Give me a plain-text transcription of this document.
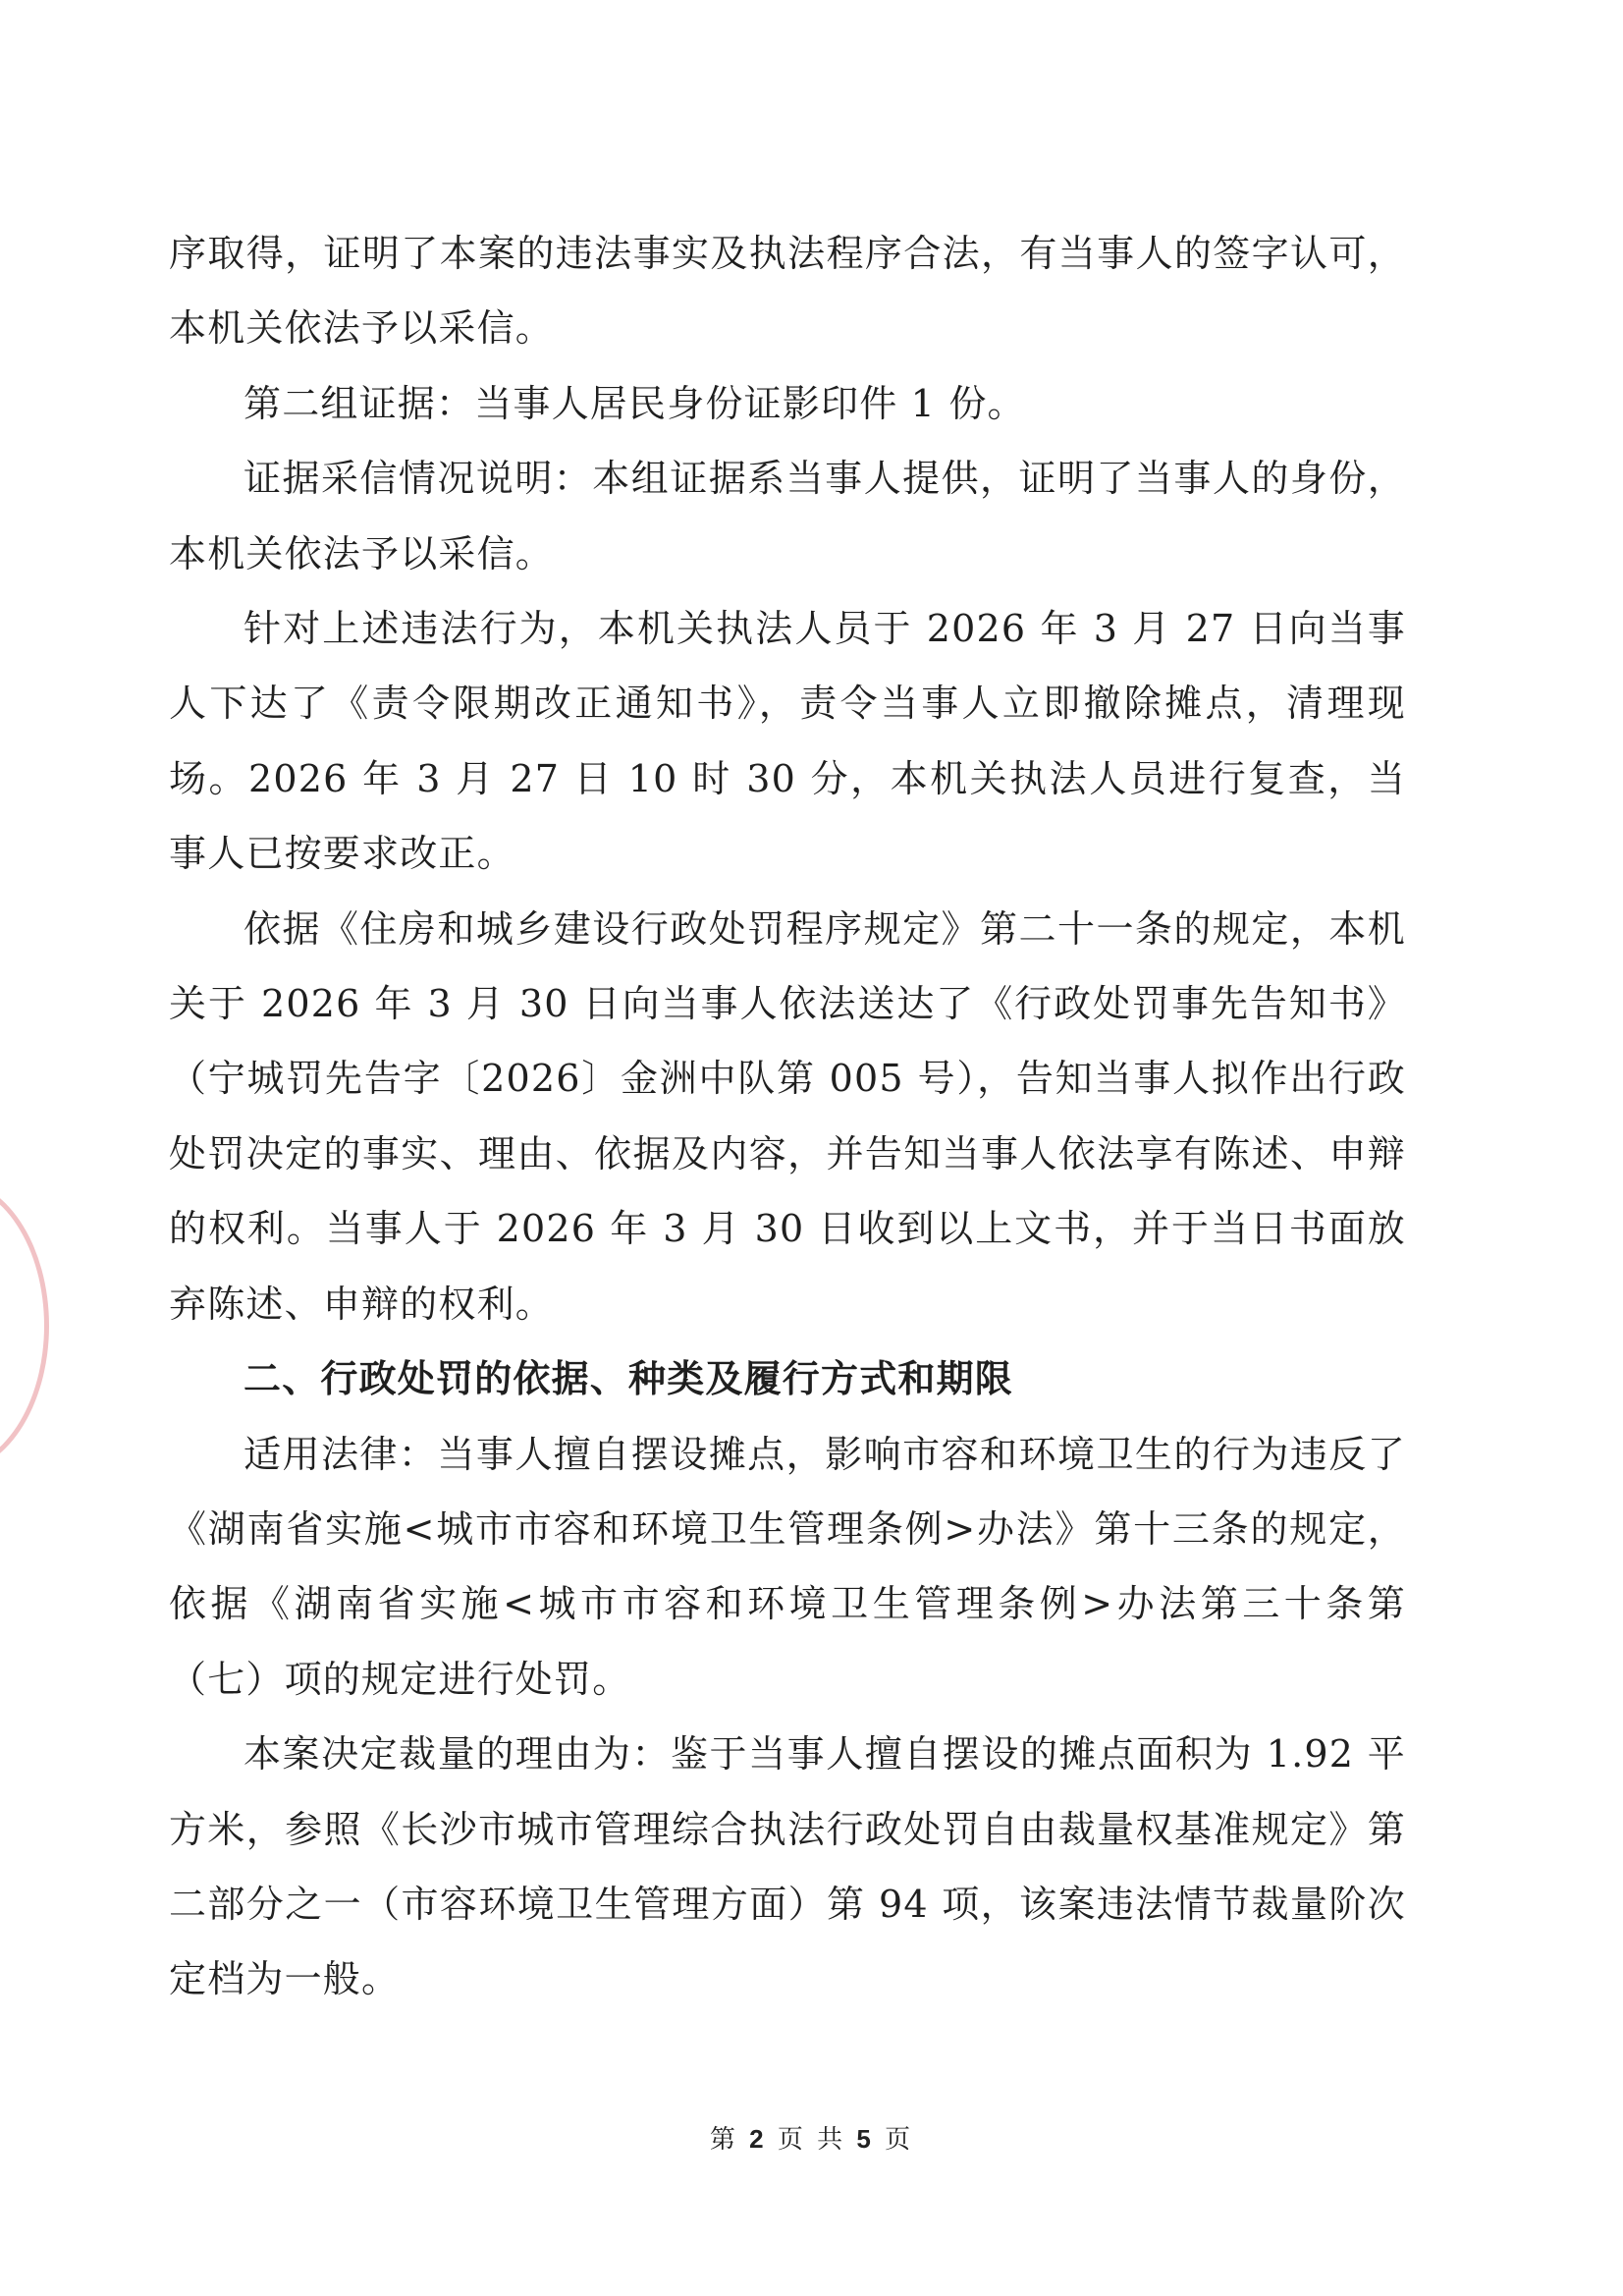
序取得，证明了本案的违法事实及执法程序合法，有当事人的签字认可，本机关依法予以采信。

第二组证据：当事人居民身份证影印件 1 份。

证据采信情况说明：本组证据系当事人提供，证明了当事人的身份，本机关依法予以采信。

针对上述违法行为，本机关执法人员于 2026 年 3 月 27 日向当事人下达了《责令限期改正通知书》，责令当事人立即撤除摊点，清理现场。2026 年 3 月 27 日 10 时 30 分，本机关执法人员进行复查，当事人已按要求改正。

依据《住房和城乡建设行政处罚程序规定》第二十一条的规定，本机关于 2026 年 3 月 30 日向当事人依法送达了《行政处罚事先告知书》（宁城罚先告字〔2026〕金洲中队第 005 号），告知当事人拟作出行政处罚决定的事实、理由、依据及内容，并告知当事人依法享有陈述、申辩的权利。当事人于 2026 年 3 月 30 日收到以上文书，并于当日书面放弃陈述、申辩的权利。

二、行政处罚的依据、种类及履行方式和期限

适用法律：当事人擅自摆设摊点，影响市容和环境卫生的行为违反了《湖南省实施<城市市容和环境卫生管理条例>办法》第十三条的规定，依据《湖南省实施<城市市容和环境卫生管理条例>办法第三十条第（七）项的规定进行处罚。

本案决定裁量的理由为：鉴于当事人擅自摆设的摊点面积为 1.92 平方米，参照《长沙市城市管理综合执法行政处罚自由裁量权基准规定》第二部分之一（市容环境卫生管理方面）第 94 项，该案违法情节裁量阶次定档为一般。

第 2 页 共 5 页
